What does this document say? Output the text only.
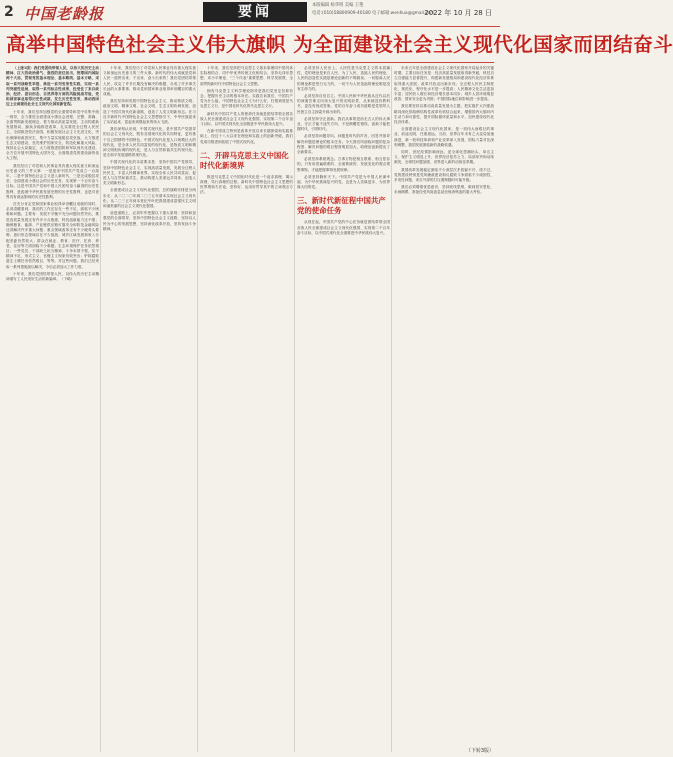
2 中国老龄报	要闻	本版编辑 杨华明 美编 王艳
电话:(010)58800909-40180 电子邮箱:wenhua@gmail.com
2022 年 10 月 28 日
高举中国特色社会主义伟大旗帜 为全面建设社会主义现代化国家而团结奋斗

（上接1版）我们党团结带领人民，以伟大的历史主动精神、巨大的政治勇气、强烈的责任担当，统筹国内国际两个大局，贯彻党的基本理论、基本路线、基本方略，采取一系列战略性举措，推进一系列变革性实践，实现一系列突破性进展，取得一系列标志性成果，经受住了来自政治、经济、意识形态、自然界等方面的风险挑战考验，党和国家事业取得历史性成就、发生历史性变革，推动我国迈上全面建设社会主义现代化国家新征程。

十年来，我们坚持加强党的全面领导和党中央集中统一领导，全力推进全面建成小康社会进程，完整、准确、全面贯彻新发展理念，着力推动高质量发展，主动构建新发展格局，蹄疾步稳推进改革，扎实推进全过程人民民主，全面推进依法治国，积极发展社会主义先进文化，突出保障和改善民生，集中力量实施脱贫攻坚战，大力推进生态文明建设，坚决维护国家安全，防范化解重大风险，保持社会大局稳定，大力度推进国防和军队现代化建设，全方位开展中国特色大国外交，全面推进党的建设新的伟大工程。

我们经历了对党和人民事业具有重大现实意义和深远历史意义的三件大事：一是迎来中国共产党成立一百周年，二是中国特色社会主义进入新时代，三是完成脱贫攻坚、全面建成小康社会的历史任务，实现第一个百年奋斗目标。这是中国共产党和中国人民团结奋斗赢得的历史性胜利，是彪炳中华民族发展史册的历史性胜利，也是对世界具有深远影响的历史性胜利。

在充分肯定党和国家事业取得举世瞩目成就的同时，必须清醒看到，我们的工作还存在一些不足，面临不少困难和问题。主要有：发展不平衡不充分问题仍然突出，推进高质量发展还有许多卡点瓶颈，科技创新能力还不强；确保粮食、能源、产业链供应链可靠安全和防范金融风险还须解决许多重大问题；重点领域改革还有不少硬骨头要啃；意识形态领域存在不少挑战；城乡区域发展和收入分配差距仍然较大；群众在就业、教育、医疗、托育、养老、住房等方面面临不少难题；生态环境保护任务依然艰巨；一些党员、干部缺乏担当精神，斗争本领不强，实干精神不足，形式主义、官僚主义现象仍较突出；铲除腐败滋生土壤任务依然艰巨，等等。对这些问题，我们已经采取一系列措施加以解决，今后必须加大工作力度。

十年来，我们党团结带领人民，以伟大的历史主动精神谱写了人民美好生活的新篇章。（下略）

十年来，我们经历了对党和人民事业具有重大现实意义和深远历史意义的三件大事。新时代的伟大成就是党和人民一道拼出来、干出来、奋斗出来的！我们党团结带领人民，攻克了许多长期没有解决的难题，办成了许多事关长远的大事要事，推动党和国家事业取得举世瞩目的重大成就。

我们坚持和发展中国特色社会主义，推动物质文明、政治文明、精神文明、社会文明、生态文明协调发展，创造了中国式现代化新道路，创造了人类文明新形态。在习近平新时代中国特色社会主义思想指引下，中华民族迎来了从站起来、富起来到强起来的伟大飞跃。

我们深刻认识到，中国式现代化，是中国共产党领导的社会主义现代化，既有各国现代化的共同特征，更有基于自己国情的中国特色。中国式现代化是人口规模巨大的现代化，是全体人民共同富裕的现代化，是物质文明和精神文明相协调的现代化，是人与自然和谐共生的现代化，是走和平发展道路的现代化。

中国式现代化的本质要求是：坚持中国共产党领导，坚持中国特色社会主义，实现高质量发展，发展全过程人民民主，丰富人民精神世界，实现全体人民共同富裕，促进人与自然和谐共生，推动构建人类命运共同体，创造人类文明新形态。

全面建成社会主义现代化强国，总的战略安排是分两步走：从二〇二〇年到二〇三五年基本实现社会主义现代化；从二〇三五年到本世纪中叶把我国建成富强民主文明和谐美丽的社会主义现代化强国。

前进道路上，必须牢牢把握以下重大原则：坚持和加强党的全面领导，坚持中国特色社会主义道路，坚持以人民为中心的发展思想，坚持深化改革开放，坚持发扬斗争精神。

十年来，我们坚持把马克思主义基本原理同中国具体实际相结合、同中华优秀传统文化相结合，坚持毛泽东思想、邓小平理论、"三个代表"重要思想、科学发展观，全面贯彻新时代中国特色社会主义思想。

拥有马克思主义科学理论指导是我们党坚定信仰信念、把握历史主动的根本所在。实践告诉我们，中国共产党为什么能，中国特色社会主义为什么好，归根到底是马克思主义行，是中国化时代化的马克思主义行。

新时代中国共产党人的使命任务就是团结带领全国各族人民全面建成社会主义现代化强国、实现第二个百年奋斗目标，以中国式现代化全面推进中华民族伟大复兴。

在新中国成立特别是改革开放以来长期探索和实践基础上，经过十八大以来在理论和实践上的创新突破，我们党成功推进和拓展了中国式现代化。

二、开辟马克思主义中国化时代化新境界

推进马克思主义中国化时代化是一个追求真理、揭示真理、笃行真理的过程。新时代中国特色社会主义思想的世界观和方法论，坚持好、运用好贯穿其中的立场观点方法。

必须坚持人民至上。人民性是马克思主义的本质属性，党的理论是来自人民、为了人民、造福人民的理论，人民的创造性实践是理论创新的不竭源泉。一切脱离人民的理论都是苍白无力的，一切不为人民造福的理论都是没有生命力的。

必须坚持自信自立。中国人民和中华民族从近代以后的深重苦难走向伟大复兴的光明前景，从来就没有教科书，更没有现成答案。党的百年奋斗成功道路是党领导人民独立自主探索开辟出来的。

必须坚持守正创新。我们从事的是前无古人的伟大事业，守正才能不迷失方向、不犯颠覆性错误，创新才能把握时代、引领时代。

必须坚持问题导向。问题是时代的声音，回答并指导解决问题是理论的根本任务。今天我们所面临问题的复杂程度、解决问题的艰巨程度明显加大，给理论创新提出了全新要求。

必须坚持系统观念。万事万物是相互联系、相互依存的。只有用普遍联系的、全面系统的、发展变化的观点观察事物，才能把握事物发展规律。

必须坚持胸怀天下。中国共产党是为中国人民谋幸福、为中华民族谋复兴的党，也是为人类谋进步、为世界谋大同的党。

三、新时代新征程中国共产党的使命任务

从现在起，中国共产党的中心任务就是团结带领全国各族人民全面建成社会主义现代化强国、实现第二个百年奋斗目标，以中国式现代化全面推进中华民族伟大复兴。

未来五年是全面建设社会主义现代化国家开局起步的关键时期，主要目标任务是：经济高质量发展取得新突破，科技自立自强能力显著提升，构建新发展格局和建设现代化经济体系取得重大进展；改革开放迈出新步伐；全过程人民民主制度化、规范化、程序化水平进一步提高；人民精神文化生活更加丰富；居民收入增长和经济增长基本同步；城乡人居环境明显改善；国家安全更为巩固；中国国际地位和影响进一步提高。

我们要坚持以推动高质量发展为主题，把实施扩大内需战略同深化供给侧结构性改革有机结合起来，增强国内大循环内生动力和可靠性，提升国际循环质量和水平，加快建设现代化经济体系。

全面建设社会主义现代化国家，是一项伟大而艰巨的事业，前途光明，任重道远。当前，世界百年未有之大变局加速演进，新一轮科技革命和产业变革深入发展，国际力量对比深刻调整，我国发展面临新的战略机遇。

同时，世纪疫情影响深远，逆全球化思潮抬头，单边主义、保护主义明显上升，世界经济复苏乏力，局部冲突和动荡频发，全球性问题加剧，世界进入新的动荡变革期。

我国改革发展稳定面临不少深层次矛盾躲不开、绕不过，党的建设特别是党风廉政建设和反腐败斗争面临不少顽固性、多发性问题，来自外部的打压遏制随时可能升级。

我们必须增强忧患意识，坚持底线思维，做到居安思危、未雨绸缪，准备经受风高浪急甚至惊涛骇浪的重大考验。

（下转3版）
